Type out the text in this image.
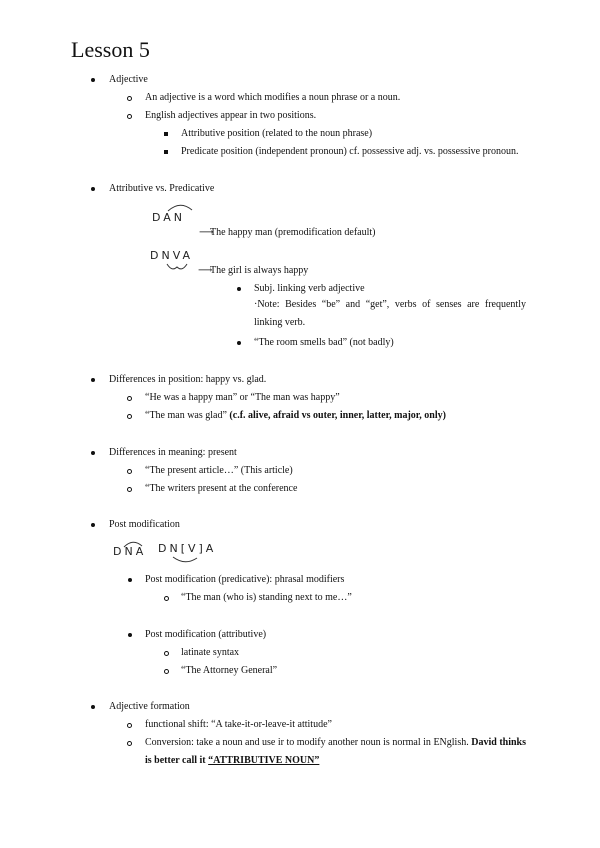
Lesson 5
Adjective
An adjective is a word which modifies a noun phrase or a noun.
English adjectives appear in two positions.
Attributive position (related to the noun phrase)
Predicate position (independent pronoun) cf. possessive adj. vs. possessive pronoun.
Attributive vs. Predicative
DAN
⟶
The happy man (premodification default)
DNVA
⟶
The girl is always happy
Subj. linking verb adjective
·Note: Besides “be” and “get”, verbs of senses are frequently linking verb.
“The room smells bad” (not badly)
Differences in position: happy vs. glad.
“He was a happy man” or “The man was happy”
“The man was glad” (c.f. alive, afraid vs outer, inner, latter, major, only)
Differences in meaning: present
“The present article…” (This article)
“The writers present at the conference
Post modification
DNA DN[V]A
Post modification (predicative): phrasal modifiers
“The man (who is) standing next to me…”
Post modification (attributive)
latinate syntax
“The Attorney General”
Adjective formation
functional shift: “A take-it-or-leave-it attitude”
Conversion: take a noun and use ir to modify another noun is normal in ENglish. David thinks is better call it “ATTRIBUTIVE NOUN”
